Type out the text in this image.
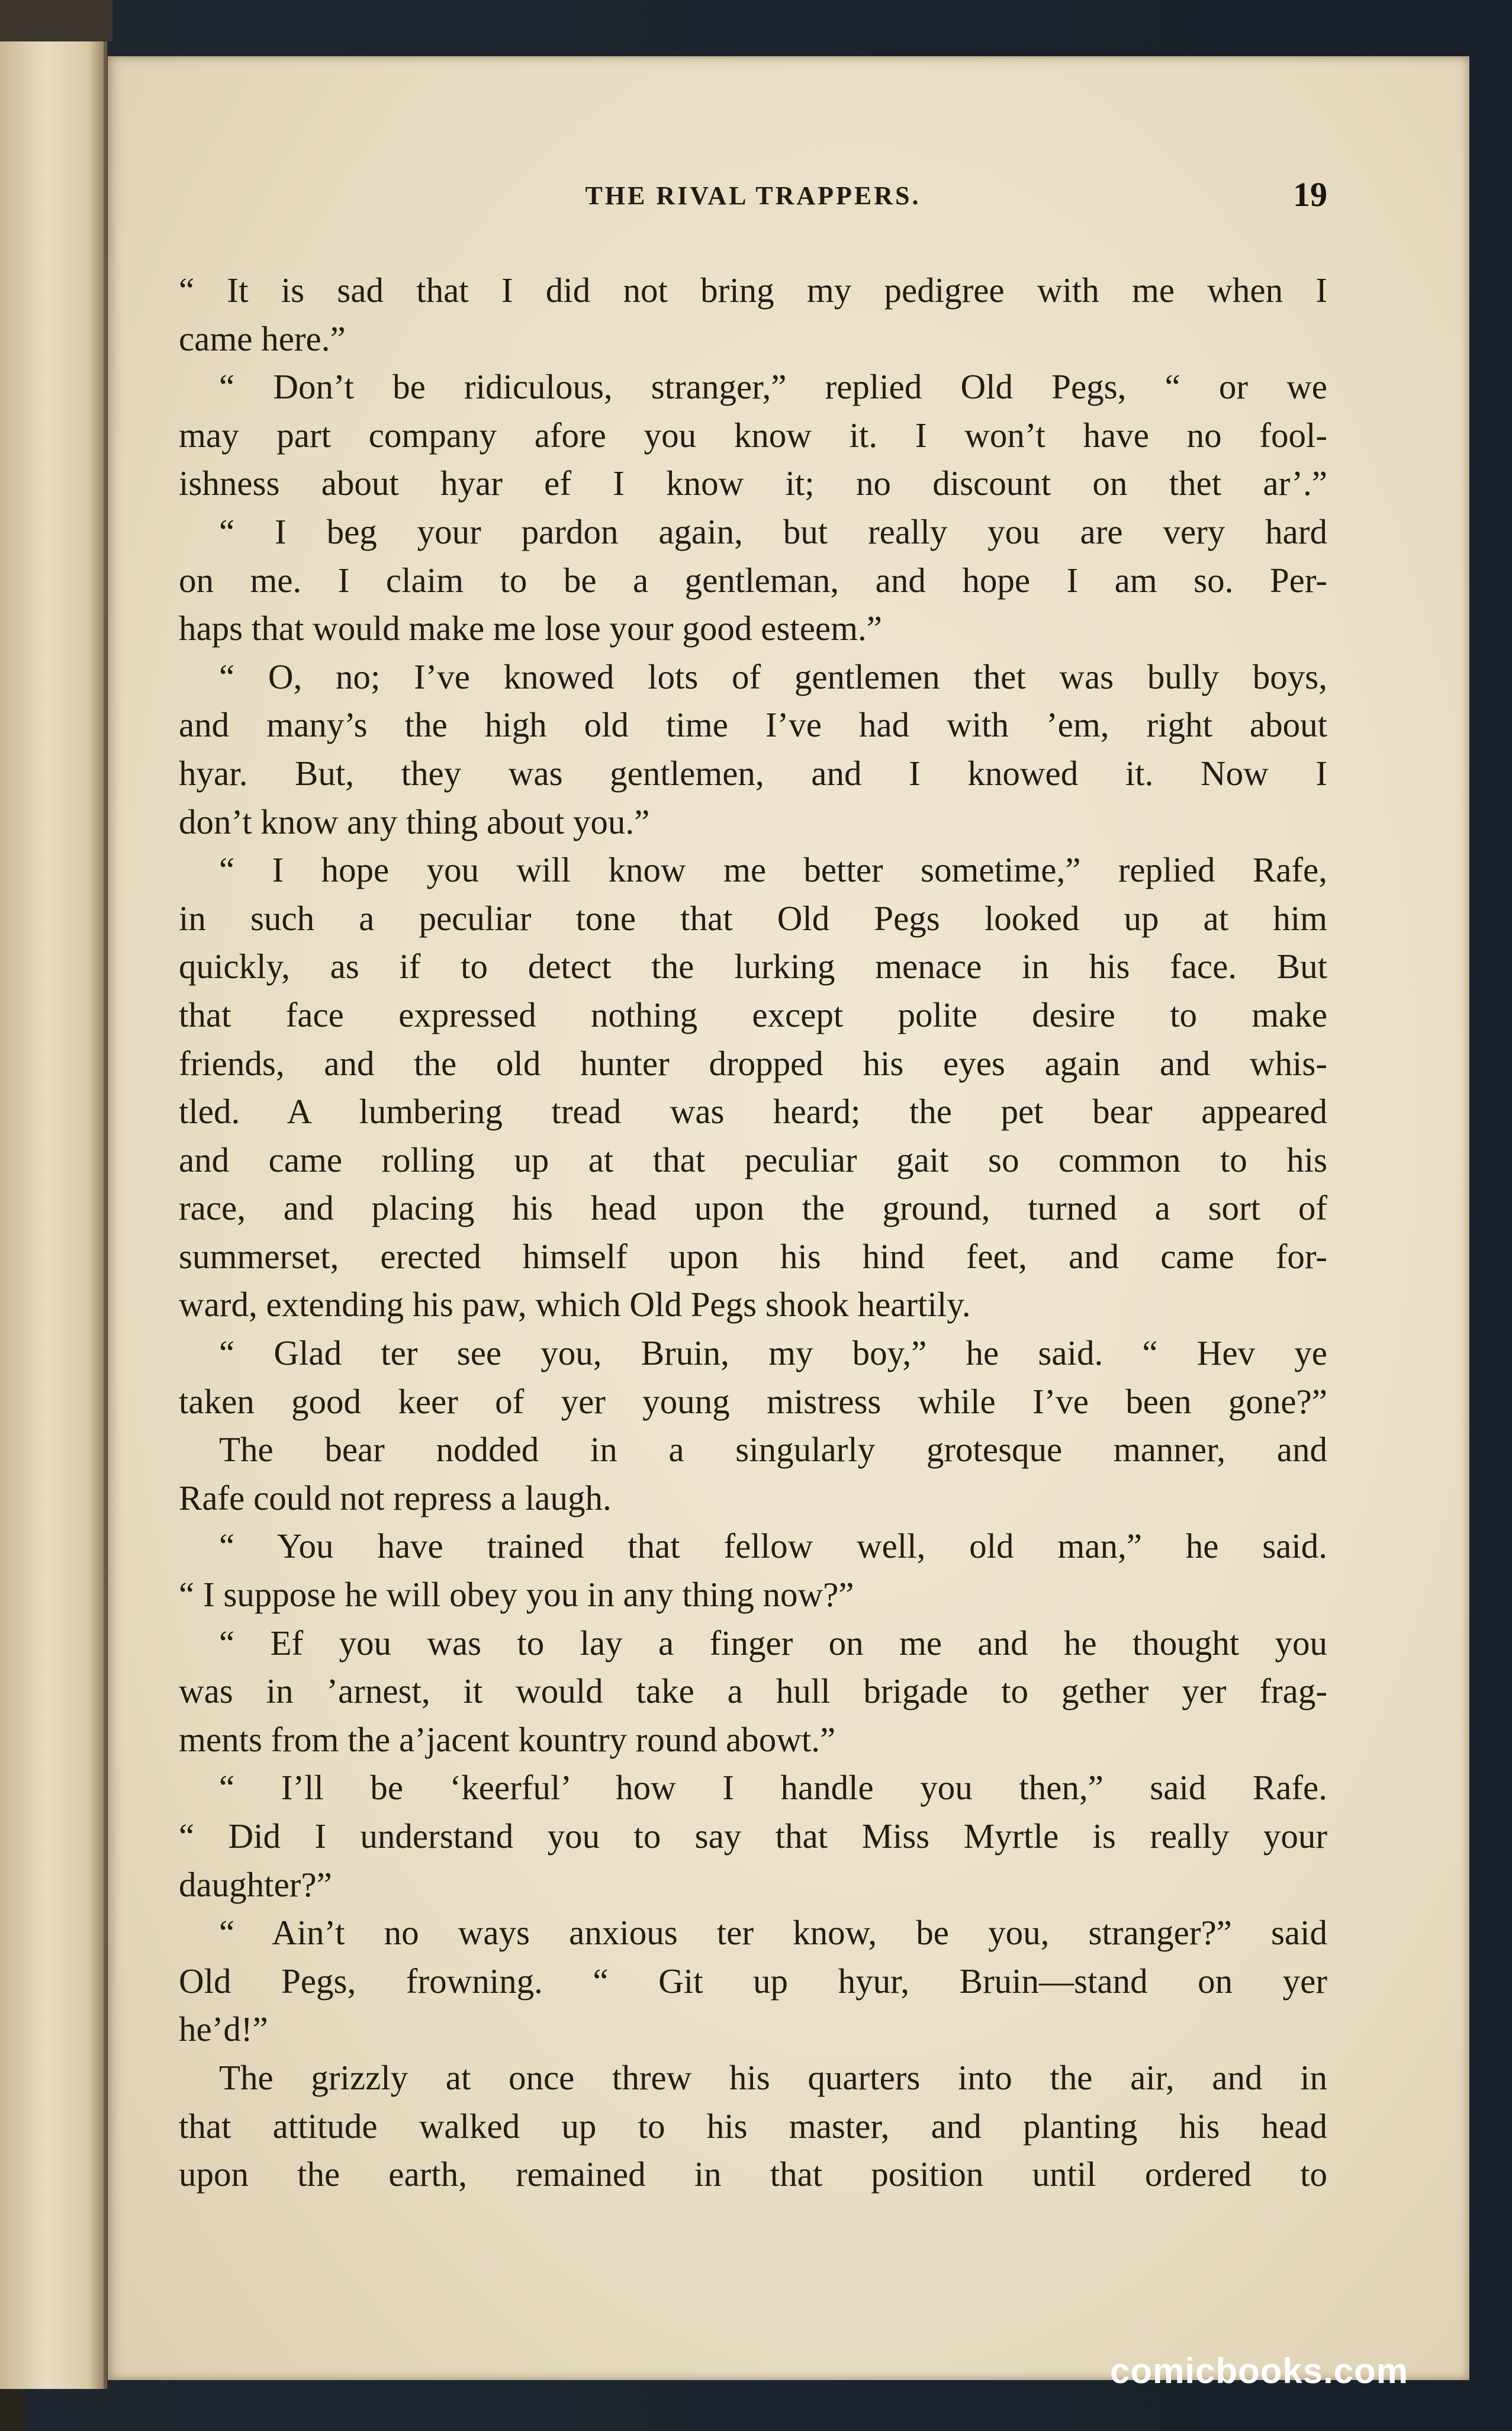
THE RIVAL TRAPPERS.	19
“ It is sad that I did not bring my pedigree with me when I
came here.”
“ Don’t be ridiculous, stranger,” replied Old Pegs, “ or we
may part company afore you know it. I won’t have no fool-
ishness about hyar ef I know it; no discount on thet ar’.”
“ I beg your pardon again, but really you are very hard
on me. I claim to be a gentleman, and hope I am so. Per-
haps that would make me lose your good esteem.”
“ O, no; I’ve knowed lots of gentlemen thet was bully boys,
and many’s the high old time I’ve had with ’em, right about
hyar. But, they was gentlemen, and I knowed it. Now I
don’t know any thing about you.”
“ I hope you will know me better sometime,” replied Rafe,
in such a peculiar tone that Old Pegs looked up at him
quickly, as if to detect the lurking menace in his face. But
that face expressed nothing except polite desire to make
friends, and the old hunter dropped his eyes again and whis-
tled. A lumbering tread was heard; the pet bear appeared
and came rolling up at that peculiar gait so common to his
race, and placing his head upon the ground, turned a sort of
summerset, erected himself upon his hind feet, and came for-
ward, extending his paw, which Old Pegs shook heartily.
“ Glad ter see you, Bruin, my boy,” he said. “ Hev ye
taken good keer of yer young mistress while I’ve been gone?”
The bear nodded in a singularly grotesque manner, and
Rafe could not repress a laugh.
“ You have trained that fellow well, old man,” he said.
“ I suppose he will obey you in any thing now?”
“ Ef you was to lay a finger on me and he thought you
was in ’arnest, it would take a hull brigade to gether yer frag-
ments from the a’jacent kountry round abowt.”
“ I’ll be ‘keerful’ how I handle you then,” said Rafe.
“ Did I understand you to say that Miss Myrtle is really your
daughter?”
“ Ain’t no ways anxious ter know, be you, stranger?” said
Old Pegs, frowning. “ Git up hyur, Bruin—stand on yer
he’d!”
The grizzly at once threw his quarters into the air, and in
that attitude walked up to his master, and planting his head
upon the earth, remained in that position until ordered to
comicbooks.com
